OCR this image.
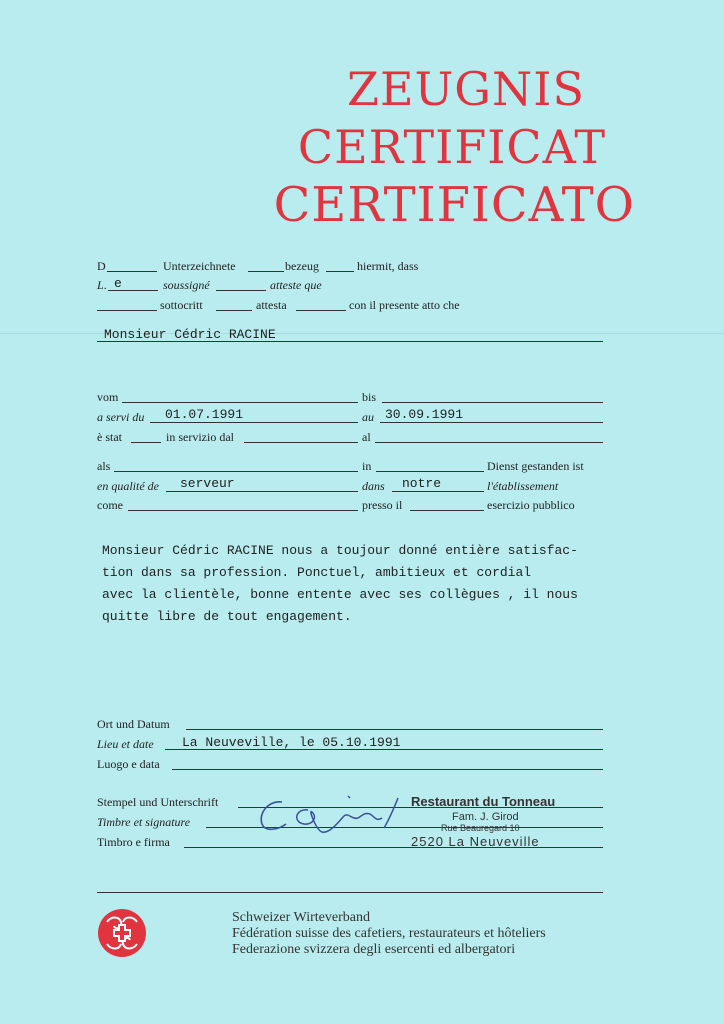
ZEUGNIS
CERTIFICAT
CERTIFICATO
D	Unterzeichnete	bezeug	hiermit, dass
L . e	soussigné	atteste que
sottocritt	attesta	con il presente atto che
Monsieur Cédric RACINE
vom	bis
a servi du 01.07.1991	au 30.09.1991
è stat	in servizio dal	al
als	in	Dienst gestanden ist
en qualité de serveur	dans notre	l'établissement
come	presso il	esercizio pubblico
Monsieur Cédric RACINE nous a toujour donné entière satisfac-
tion dans sa profession. Ponctuel, ambitieux et cordial
avec la clientèle, bonne entente avec ses collègues , il nous
quitte libre de tout engagement.
Ort und Datum
Lieu et date La Neuveville, le 05.10.1991
Luogo e data
Stempel und Unterschrift
Timbre et signature
Timbro e firma
Restaurant du Tonneau
Fam. J. Girod
Rue Beauregard 10
2520 La Neuveville
Schweizer Wirteverband
Fédération suisse des cafetiers, restaurateurs et hôteliers
Federazione svizzera degli esercenti ed albergatori
